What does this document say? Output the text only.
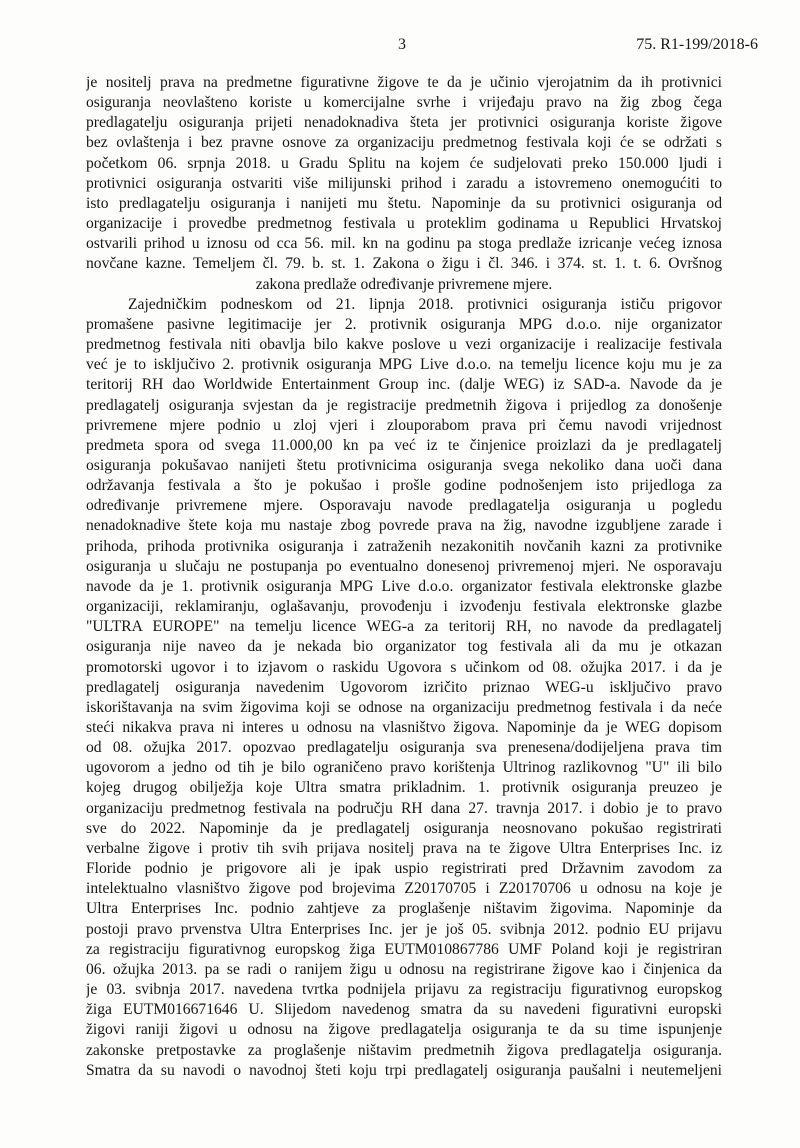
3	75. R1-199/2018-6
je nositelj prava na predmetne figurativne žigove te da je učinio vjerojatnim da ih protivnici
osiguranja neovlašteno koriste u komercijalne svrhe i vrijeđaju pravo na žig zbog čega
predlagatelju osiguranja prijeti nenadoknadiva šteta jer protivnici osiguranja koriste žigove
bez ovlaštenja i bez pravne osnove za organizaciju predmetnog festivala koji će se održati s
početkom 06. srpnja 2018. u Gradu Splitu na kojem će sudjelovati preko 150.000 ljudi i
protivnici osiguranja ostvariti više milijunski prihod i zaradu a istovremeno onemogućiti to
isto predlagatelju osiguranja i nanijeti mu štetu. Napominje da su protivnici osiguranja od
organizacije i provedbe predmetnog festivala u proteklim godinama u Republici Hrvatskoj
ostvarili prihod u iznosu od cca 56. mil. kn na godinu pa stoga predlaže izricanje većeg iznosa
novčane kazne. Temeljem čl. 79. b. st. 1. Zakona o žigu i čl. 346. i 374. st. 1. t. 6. Ovršnog
zakona predlaže određivanje privremene mjere.
Zajedničkim podneskom od 21. lipnja 2018. protivnici osiguranja ističu prigovor
promašene pasivne legitimacije jer 2. protivnik osiguranja MPG d.o.o. nije organizator
predmetnog festivala niti obavlja bilo kakve poslove u vezi organizacije i realizacije festivala
već je to isključivo 2. protivnik osiguranja MPG Live d.o.o. na temelju licence koju mu je za
teritorij RH dao Worldwide Entertainment Group inc. (dalje WEG) iz SAD-a. Navode da je
predlagatelj osiguranja svjestan da je registracije predmetnih žigova i prijedlog za donošenje
privremene mjere podnio u zloj vjeri i zlouporabom prava pri čemu navodi vrijednost
predmeta spora od svega 11.000,00 kn pa već iz te činjenice proizlazi da je predlagatelj
osiguranja pokušavao nanijeti štetu protivnicima osiguranja svega nekoliko dana uoči dana
održavanja festivala a što je pokušao i prošle godine podnošenjem isto prijedloga za
određivanje privremene mjere. Osporavaju navode predlagatelja osiguranja u pogledu
nenadoknadive štete koja mu nastaje zbog povrede prava na žig, navodne izgubljene zarade i
prihoda, prihoda protivnika osiguranja i zatraženih nezakonitih novčanih kazni za protivnike
osiguranja u slučaju ne postupanja po eventualno donesenoj privremenoj mjeri. Ne osporavaju
navode da je 1. protivnik osiguranja MPG Live d.o.o. organizator festivala elektronske glazbe
organizaciji, reklamiranju, oglašavanju, provođenju i izvođenju festivala elektronske glazbe
"ULTRA EUROPE" na temelju licence WEG-a za teritorij RH, no navode da predlagatelj
osiguranja nije naveo da je nekada bio organizator tog festivala ali da mu je otkazan
promotorski ugovor i to izjavom o raskidu Ugovora s učinkom od 08. ožujka 2017. i da je
predlagatelj osiguranja navedenim Ugovorom izričito priznao WEG-u isključivo pravo
iskorištavanja na svim žigovima koji se odnose na organizaciju predmetnog festivala i da neće
steći nikakva prava ni interes u odnosu na vlasništvo žigova. Napominje da je WEG dopisom
od 08. ožujka 2017. opozvao predlagatelju osiguranja sva prenesena/dodijeljena prava tim
ugovorom a jedno od tih je bilo ograničeno pravo korištenja Ultrinog razlikovnog "U" ili bilo
kojeg drugog obilježja koje Ultra smatra prikladnim. 1. protivnik osiguranja preuzeo je
organizaciju predmetnog festivala na području RH dana 27. travnja 2017. i dobio je to pravo
sve do 2022. Napominje da je predlagatelj osiguranja neosnovano pokušao registrirati
verbalne žigove i protiv tih svih prijava nositelj prava na te žigove Ultra Enterprises Inc. iz
Floride podnio je prigovore ali je ipak uspio registrirati pred Državnim zavodom za
intelektualno vlasništvo žigove pod brojevima Z20170705 i Z20170706 u odnosu na koje je
Ultra Enterprises Inc. podnio zahtjeve za proglašenje ništavim žigovima. Napominje da
postoji pravo prvenstva Ultra Enterprises Inc. jer je još 05. svibnja 2012. podnio EU prijavu
za registraciju figurativnog europskog žiga EUTM010867786 UMF Poland koji je registriran
06. ožujka 2013. pa se radi o ranijem žigu u odnosu na registrirane žigove kao i činjenica da
je 03. svibnja 2017. navedena tvrtka podnijela prijavu za registraciju figurativnog europskog
žiga EUTM016671646 U. Slijedom navedenog smatra da su navedeni figurativni europski
žigovi raniji žigovi u odnosu na žigove predlagatelja osiguranja te da su time ispunjenje
zakonske pretpostavke za proglašenje ništavim predmetnih žigova predlagatelja osiguranja.
Smatra da su navodi o navodnoj šteti koju trpi predlagatelj osiguranja paušalni i neutemeljeni
